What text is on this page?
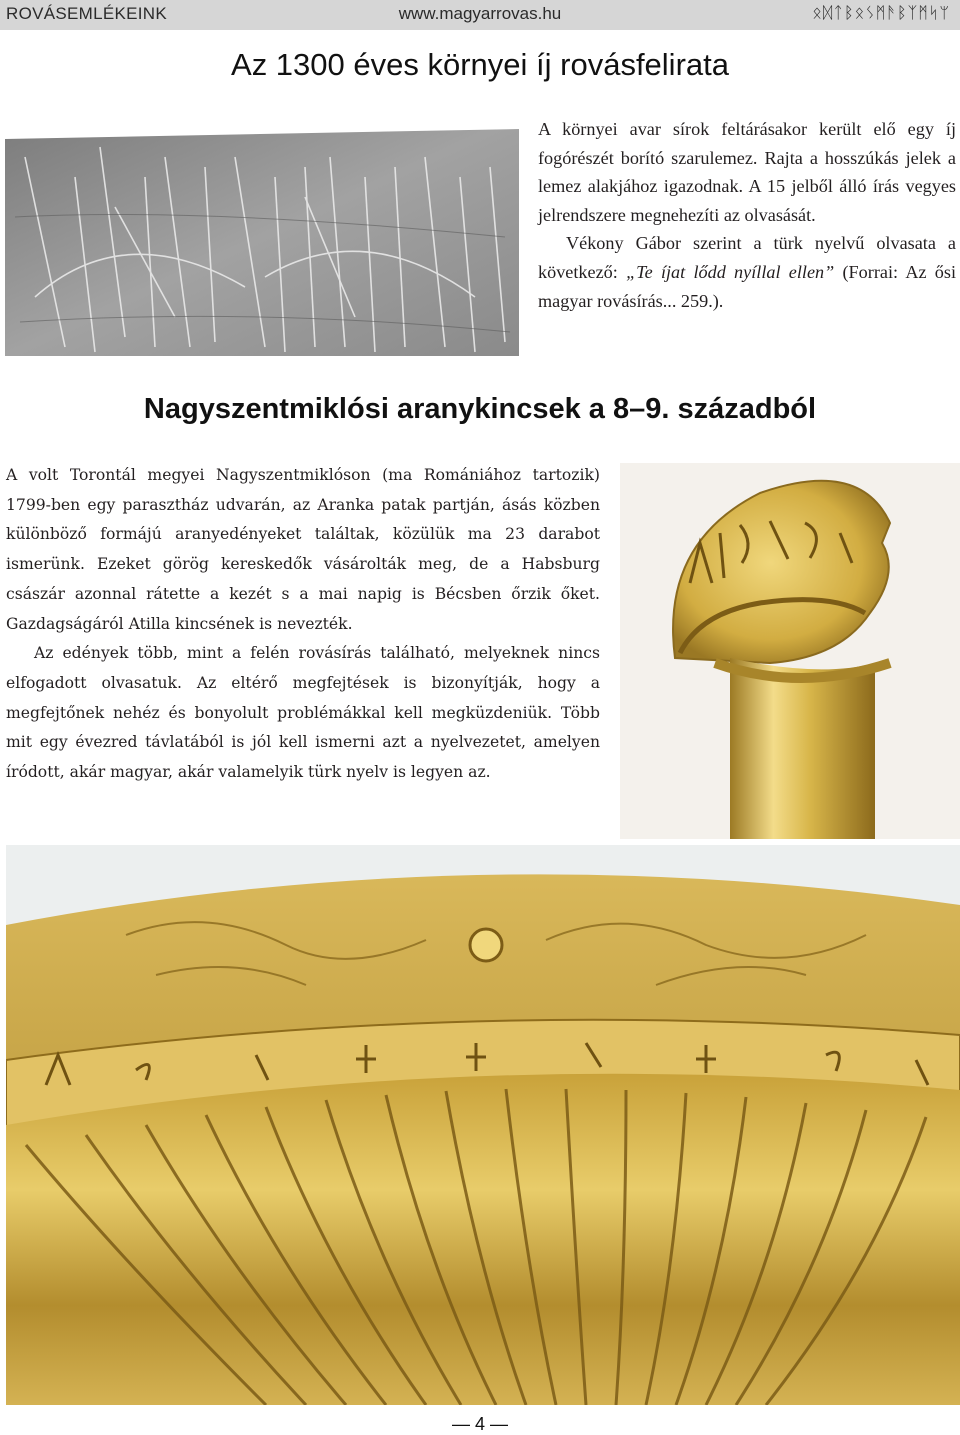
ROVÁSEMLÉKEINK	www.magyarrovas.hu	ᛟᛞᛏᛒᛟᛊᛗᚫᛒᛉᛗᛋᛘ
Az 1300 éves környei íj rovásfelirata

A környei avar sírok feltárásakor került elő egy íj fogórészét borító szarulemez. Rajta a hosszúkás jelek a lemez alakjához igazodnak. A 15 jelből álló írás vegyes jelrendszere megnehezíti az olvasását.

Vékony Gábor szerint a türk nyelvű olvasata a következő: „Te íjat lődd nyíllal ellen” (Forrai: Az ősi magyar rovásírás... 259.).

Nagyszentmiklósi aranykincsek a 8–9. századból

A volt Torontál megyei Nagyszentmiklóson (ma Romániához tartozik) 1799-ben egy parasztház udvarán, az Aranka patak partján, ásás közben különböző formájú aranyedényeket találtak, közülük ma 23 darabot ismerünk. Ezeket görög kereskedők vásárolták meg, de a Habsburg császár azonnal rátette a kezét s a mai napig is Bécsben őrzik őket. Gazdagságáról Atilla kincsének is nevezték.

Az edények több, mint a felén rovásírás található, melyeknek nincs elfogadott olvasatuk. Az eltérő megfejtések is bizonyítják, hogy a megfejtőnek nehéz és bonyolult problémákkal kell megküzdeniük. Több mit egy évezred távlatából is jól kell ismerni azt a nyelvezetet, amelyen íródott, akár magyar, akár valamelyik türk nyelv is legyen az.

— 4 —
